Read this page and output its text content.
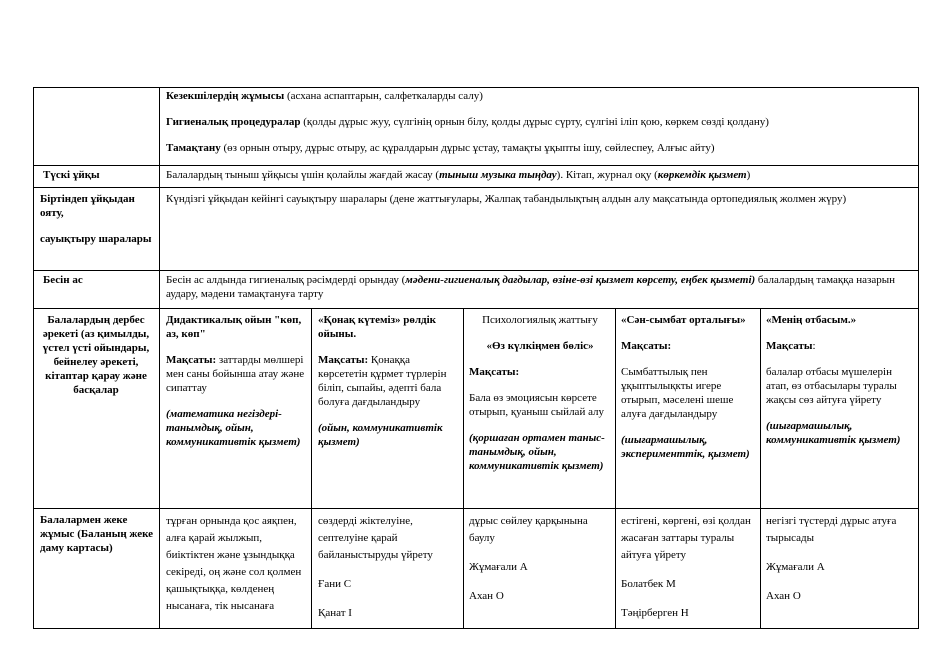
Кезекшілердің жұмысы (асхана аспаптарын, салфеткаларды салу)

Гигиеналық процедуралар (қолды дұрыс жуу, сүлгінің орнын білу, қолды дұрыс сүрту, сүлгіні іліп қою, көркем сөзді қолдану)

Тамақтану (өз орнын отыру, дұрыс отыру, ас құралдарын дұрыс ұстау, тамақты ұқыпты ішу, сөйлеспеу, Алғыс айту)

Түскі ұйқы	Балалардың тыныш ұйқысы үшін қолайлы жағдай жасау (тыныш музыка тыңдау). Кітап, журнал оқу (көркемдік қызмет)

Біртіндеп ұйқыдан ояту,

сауықтыру шаралары

Күндізгі ұйқыдан кейінгі сауықтыру шаралары (дене жаттығулары, Жалпақ табандылықтың алдын алу мақсатында ортопедиялық жолмен жүру)
Бесін ас	Бесін ас алдында гигиеналық рәсімдерді орындау (мәдени-гигиеналық дағдылар, өзіне-өзі қызмет көрсету, еңбек қызметі) балалардың тамаққа назарын аудару, мәдени тамақтануға тарту
Балалардың дербес әрекеті (аз қимылды, үстел үсті ойындары, бейнелеу әрекеті, кітаптар қарау және басқалар

Дидактикалық ойын "көп, аз, көп"

Мақсаты: заттарды мөлшері мен саны бойынша атау және сипаттау

(математика негіздері-танымдық, ойын, коммуникативтік қызмет)

«Қонақ күтеміз» рөлдік ойыны.

Мақсаты: Қонаққа көрсететін құрмет түрлерін біліп, сыпайы, әдепті бала болуға дағдыландыру

(ойын, коммуникативтік қызмет)

Психологиялық жаттығу

«Өз күлкіңмен бөліс»

Мақсаты:

Бала өз эмоциясын көрсете отырып, қуаныш сыйлай алу

(қоршаған ортамен таныс-танымдық, ойын, коммуникативтік қызмет)

«Сән-сымбат орталығы»

Мақсаты:

Сымбаттылық пен ұқыптылықкты игере отырып, мәселені шеше алуға дағдыландыру

(шығармашылық, эксперименттік, қызмет)

«Менің отбасым.»

Мақсаты:

балалар отбасы мүшелерін атап, өз отбасылары туралы жақсы сөз айтуға үйрету

(шығармашылық, коммуникативтік қызмет)

Балалармен жеке жұмыс (Баланың жеке даму картасы)

тұрған орнында қос аяқпен, алға қарай жылжып, биіктіктен және ұзындыққа секіреді, оң және сол қолмен қашықтыққа, көлденең нысанаға, тік нысанаға

сөздерді жіктелуіне, септелуіне қарай байланыстыруды үйрету

Ғани С

Қанат І

дұрыс сөйлеу қарқынына баулу

Жұмағали А

Ахан О

естігені, көргені, өзі қолдан жасаған заттары туралы айтуға үйрету

Болатбек М

Тәңірберген Н

негізгі түстерді дұрыс атуға тырысады

Жұмағали А

Ахан О
